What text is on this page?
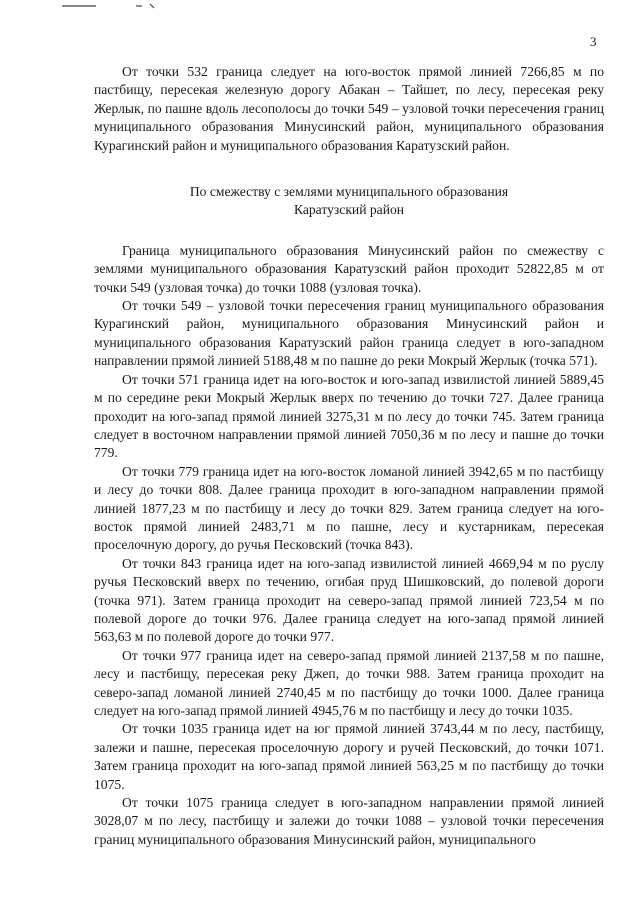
3

От точки 532 граница следует на юго-восток прямой линией 7266,85 м по пастбищу, пересекая железную дорогу Абакан – Тайшет, по лесу, пересекая реку Жерлык, по пашне вдоль лесополосы до точки 549 – узловой точки пересечения границ муниципального образования Минусинский район, муниципального образования Курагинский район и муниципального образования Каратузский район.

По смежеству с землями муниципального образования
Каратузский район

Граница муниципального образования Минусинский район по смежеству с землями муниципального образования Каратузский район проходит 52822,85 м от точки 549 (узловая точка) до точки 1088 (узловая точка).

От точки 549 – узловой точки пересечения границ муниципального образования Курагинский район, муниципального образования Минусинский район и муниципального образования Каратузский район граница следует в юго-западном направлении прямой линией 5188,48 м по пашне до реки Мокрый Жерлык (точка 571).

От точки 571 граница идет на юго-восток и юго-запад извилистой линией 5889,45 м по середине реки Мокрый Жерлык вверх по течению до точки 727. Далее граница проходит на юго-запад прямой линией 3275,31 м по лесу до точки 745. Затем граница следует в восточном направлении прямой линией 7050,36 м по лесу и пашне до точки 779.

От точки 779 граница идет на юго-восток ломаной линией 3942,65 м по пастбищу и лесу до точки 808. Далее граница проходит в юго-западном направлении прямой линией 1877,23 м по пастбищу и лесу до точки 829. Затем граница следует на юго-восток прямой линией 2483,71 м по пашне, лесу и кустарникам, пересекая проселочную дорогу, до ручья Песковский (точка 843).

От точки 843 граница идет на юго-запад извилистой линией 4669,94 м по руслу ручья Песковский вверх по течению, огибая пруд Шишковский, до полевой дороги (точка 971). Затем граница проходит на северо-запад прямой линией 723,54 м по полевой дороге до точки 976. Далее граница следует на юго-запад прямой линией 563,63 м по полевой дороге до точки 977.

От точки 977 граница идет на северо-запад прямой линией 2137,58 м по пашне, лесу и пастбищу, пересекая реку Джеп, до точки 988. Затем граница проходит на северо-запад ломаной линией 2740,45 м по пастбищу до точки 1000. Далее граница следует на юго-запад прямой линией 4945,76 м по пастбищу и лесу до точки 1035.

От точки 1035 граница идет на юг прямой линией 3743,44 м по лесу, пастбищу, залежи и пашне, пересекая проселочную дорогу и ручей Песковский, до точки 1071. Затем граница проходит на юго-запад прямой линией 563,25 м по пастбищу до точки 1075.

От точки 1075 граница следует в юго-западном направлении прямой линией 3028,07 м по лесу, пастбищу и залежи до точки 1088 – узловой точки пересечения границ муниципального образования Минусинский район, муниципального
